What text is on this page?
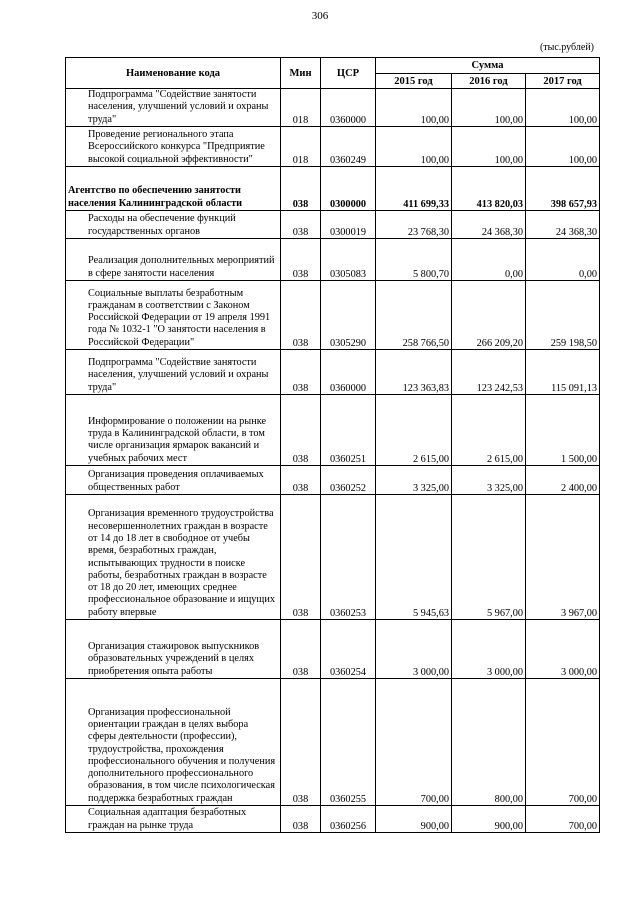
306
(тыс.рублей)
Наименование кода	Мин	ЦСР	Сумма		
			2015 год	2016 год	2017 год

Подпрограмма "Содействие занятости населения, улучшений условий и охраны труда"	018	0360000	100,00	100,00	100,00

Проведение регионального этапа Всероссийского конкурса "Предприятие высокой социальной эффективности"	018	0360249	100,00	100,00	100,00

Агентство по обеспечению занятости населения Калининградской области	038	0300000	411 699,33	413 820,03	398 657,93

Расходы на обеспечение функций государственных органов	038	0300019	23 768,30	24 368,30	24 368,30

Реализация дополнительных мероприятий в сфере занятости населения	038	0305083	5 800,70	0,00	0,00

Социальные выплаты безработным гражданам в соответствии с Законом Российской Федерации от 19 апреля 1991 года № 1032-1 "О занятости населения в Российской Федерации"	038	0305290	258 766,50	266 209,20	259 198,50

Подпрограмма "Содействие занятости населения, улучшений условий и охраны труда"	038	0360000	123 363,83	123 242,53	115 091,13

Информирование о положении на рынке труда в Калининградской области, в том числе организация ярмарок вакансий и учебных рабочих мест	038	0360251	2 615,00	2 615,00	1 500,00

Организация проведения оплачиваемых общественных работ	038	0360252	3 325,00	3 325,00	2 400,00

Организация временного трудоустройства несовершеннолетних граждан в возрасте от 14 до 18 лет в свободное от учебы время, безработных граждан, испытывающих трудности в поиске работы, безработных граждан в возрасте от 18 до 20 лет, имеющих среднее профессиональное образование и ищущих работу впервые	038	0360253	5 945,63	5 967,00	3 967,00

Организация стажировок выпускников образовательных учреждений в целях приобретения опыта работы	038	0360254	3 000,00	3 000,00	3 000,00

Организация профессиональной ориентации граждан в целях выбора сферы деятельности (профессии), трудоустройства, прохождения профессионального обучения и получения дополнительного профессионального образования, в том числе психологическая поддержка безработных граждан	038	0360255	700,00	800,00	700,00

Социальная адаптация безработных граждан на рынке труда	038	0360256	900,00	900,00	700,00
